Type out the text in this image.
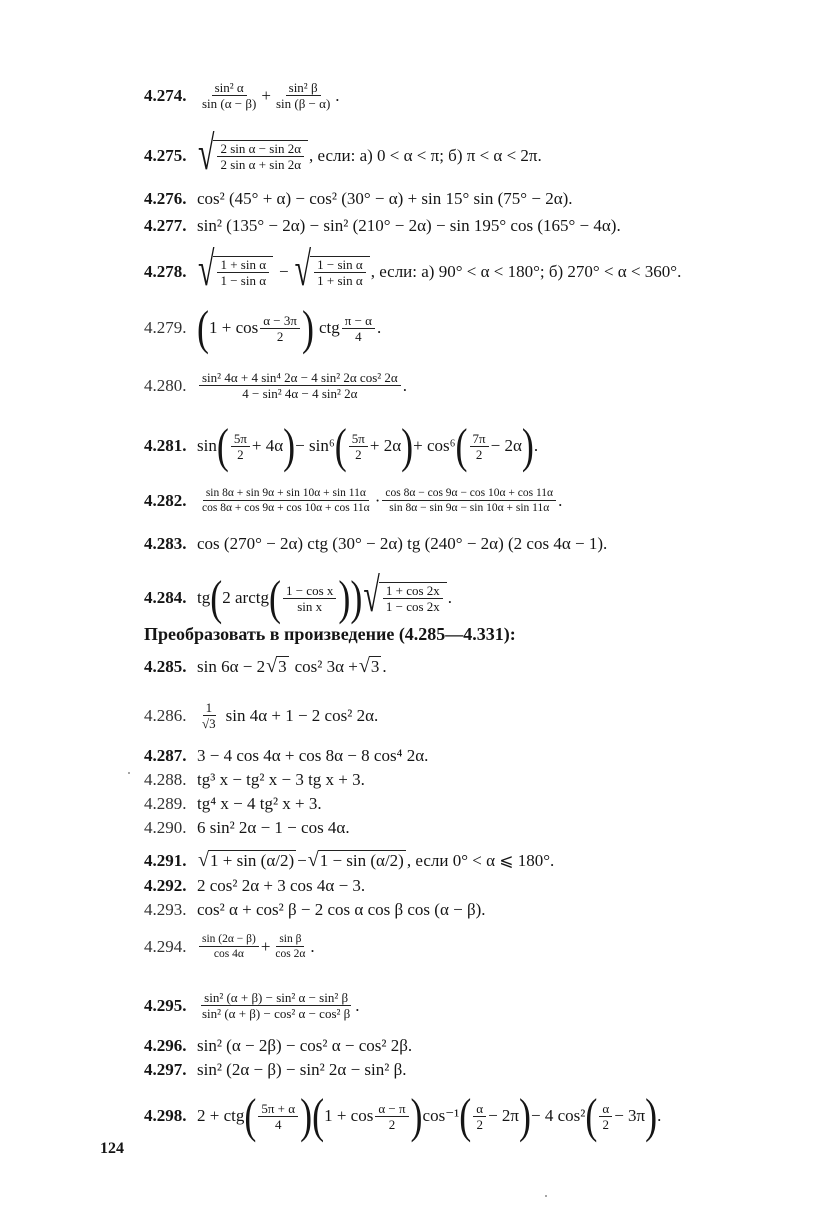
4.274. $\frac{\text{sin² α}}{\sin (\alpha - \beta)} + \frac{\text{sin² β}}{\sin (\beta - \alpha)}$ .
4.275. √ $\frac{\text{2 sin α − sin 2α}}{\text{2 sin α + sin 2α}}$ , если: а) 0 < α < π; б) π < α < 2π.
4.276. cos² (45° + α) − cos² (30° − α) + sin 15° sin (75° − 2α).
4.277. sin² (135° − 2α) − sin² (210° − 2α) − sin 195° cos (165° − 4α).
4.278. √ $\frac{\text{1 + sin α}}{\text{1 − sin α}}$ − √ $\frac{\text{1 − sin α}}{\text{1 + sin α}}$ , если: а) 90° < α < 180°; б) 270° < α < 360°.
4.279. ( $1 + \cos \frac{\alpha - 3\pi}{2}$ ) ctg $\frac{\pi - \alpha}{4}$ .
4.280. $\frac{\text{sin² 4α + 4 sin⁴ 2α − 4 sin² 2α cos² 2α}}{\text{4 − sin² 4α − 4 sin² 2α}}$ .
4.281. sin ( $\frac{5\pi}{2} + 4\alpha$ ) − sin⁶ ( $\frac{5\pi}{2} + 2\alpha$ ) + cos⁶ ( $\frac{7\pi}{2} - 2\alpha$ ) .
4.282.	$\frac{\sin 8\alpha + \sin 9\alpha + \sin 10\alpha + \sin 11\alpha}{\cos 8\alpha + \cos 9\alpha + \cos 10\alpha + \cos 11\alpha} \cdot \frac{\cos 8\alpha - \cos 9\alpha - \cos 10\alpha + \cos 11\alpha}{\sin 8\alpha - \sin 9\alpha - \sin 10\alpha + \sin 11\alpha}$ .
4.283. cos (270° − 2α) ctg (30° − 2α) tg (240° − 2α) (2 cos 4α − 1).
4.284. tg ( 2 arctg ( $\frac{\text{1 − cos x}}{\text{sin x}}$ ) ) √ $\frac{1 + \cos 2x}{1 - \cos 2x}$ .
Преобразовать в произведение (4.285—4.331):
4.285. sin 6α − 2 √ 3 cos² 3α + √ 3 .
4.286. $\frac{1}{√3}$ sin 4α + 1 − 2 cos² 2α.
4.287. 3 − 4 cos 4α + cos 8α − 8 cos⁴ 2α.
4.288. tg³ x − tg² x − 3 tg x + 3.
4.289. tg⁴ x − 4 tg² x + 3.
4.290. 6 sin² 2α − 1 − cos 4α.
4.291. √ 1 + sin (α/2) − √ 1 − sin (α/2) , если 0° < α ⩽ 180°.
4.292. 2 cos² 2α + 3 cos 4α − 3.
4.293. cos² α + cos² β − 2 cos α cos β cos (α − β).
4.294.	$\frac{\sin (2\alpha - \beta)}{\cos 4\alpha} + \frac{\text{sin β}}{\cos 2\alpha}$ .
4.295. $\frac{\text{sin² (α + β) − sin² α − sin² β}}{\text{sin² (α + β) − cos² α − cos² β}}$ .
4.296. sin² (α − 2β) − cos² α − cos² 2β.
4.297. sin² (2α − β) − sin² 2α − sin² β.
4.298. 2 + ctg ( $\frac{5\pi + \alpha}{4}$ ) ( $1 + \cos \frac{\alpha - \pi}{2}$ ) cos⁻¹ ( $\frac{\alpha}{2} - 2\pi$ ) − 4 cos² ( $\frac{\alpha}{2} - 3\pi$ ) .
124
